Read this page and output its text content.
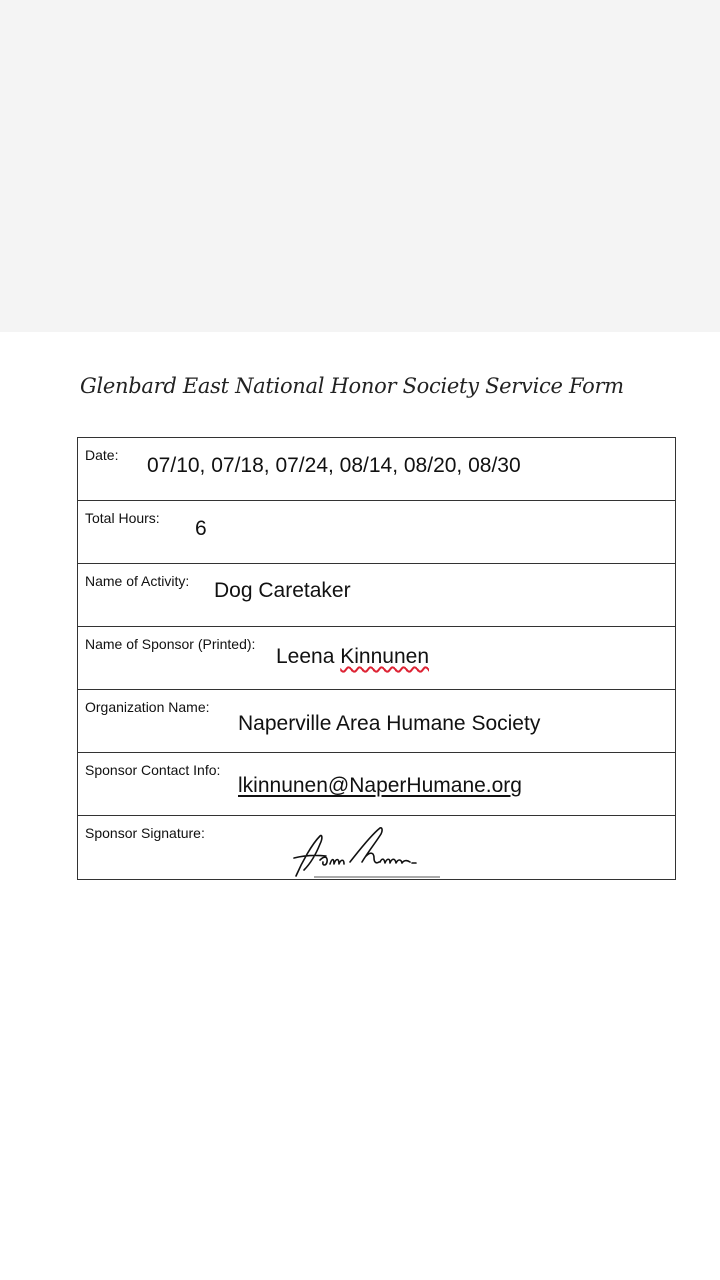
Glenbard East National Honor Society Service Form
Date: 07/10, 07/18, 07/24, 08/14, 08/20, 08/30
Total Hours: 6
Name of Activity: Dog Caretaker
Name of Sponsor (Printed):
Leena Kinnunen
Organization Name:
Naperville Area Humane Society
Sponsor Contact Info:
lkinnunen@NaperHumane.org
Sponsor Signature:
